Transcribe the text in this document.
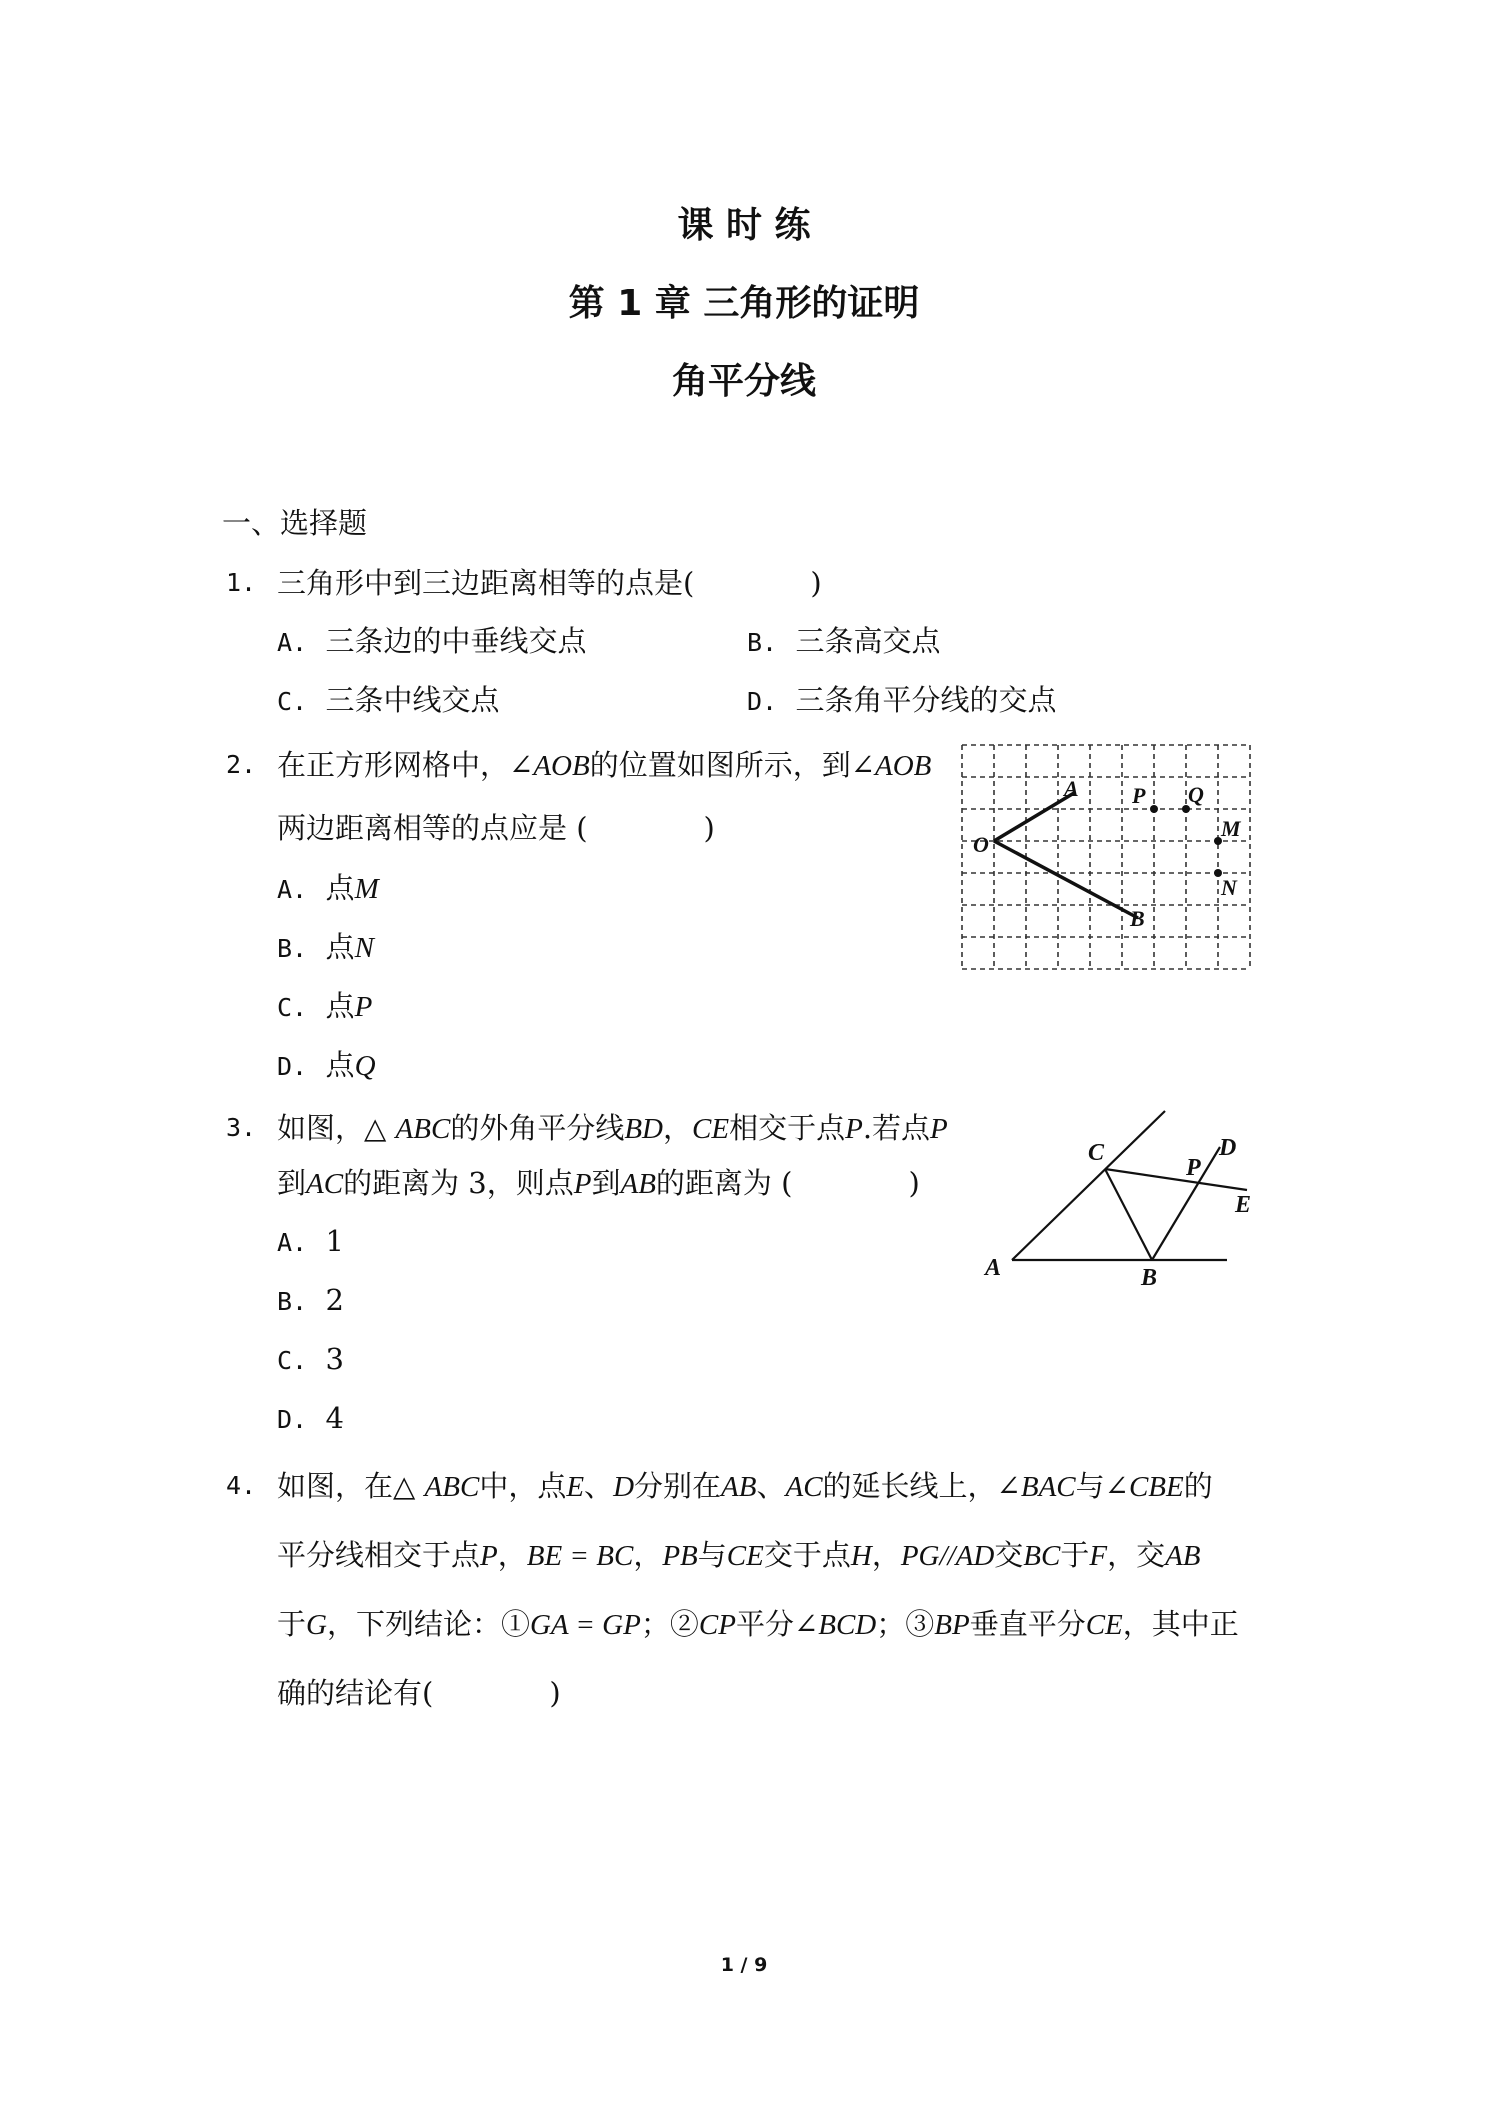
课 时 练
第 1 章 三角形的证明
角平分线
一、选择题
1. 三角形中到三边距离相等的点是(　　　　)
A. 三条边的中垂线交点	B. 三条高交点
C. 三条中线交点	D. 三条角平分线的交点
2. 在正方形网格中，∠AOB的位置如图所示，到∠AOB
两边距离相等的点应是 (　　　　)
A. 点M
B. 点N
C. 点P
D. 点Q
O
A
B
P Q
M
N
3. 如图，△ ABC的外角平分线BD，CE相交于点P.若点P
到AC的距离为 3，则点P到AB的距离为 (　　　　)
A. 1
B. 2
C. 3
D. 4
A	B
C	D
E
P
4. 如图，在△ ABC中，点E、D分别在AB、AC的延长线上，∠BAC与∠CBE的
平分线相交于点P，BE = BC，PB与CE交于点H，PG//AD交BC于F，交AB
于G，下列结论：①GA = GP；②CP平分∠BCD；③BP垂直平分CE，其中正
确的结论有(　　　　)
1 / 9
